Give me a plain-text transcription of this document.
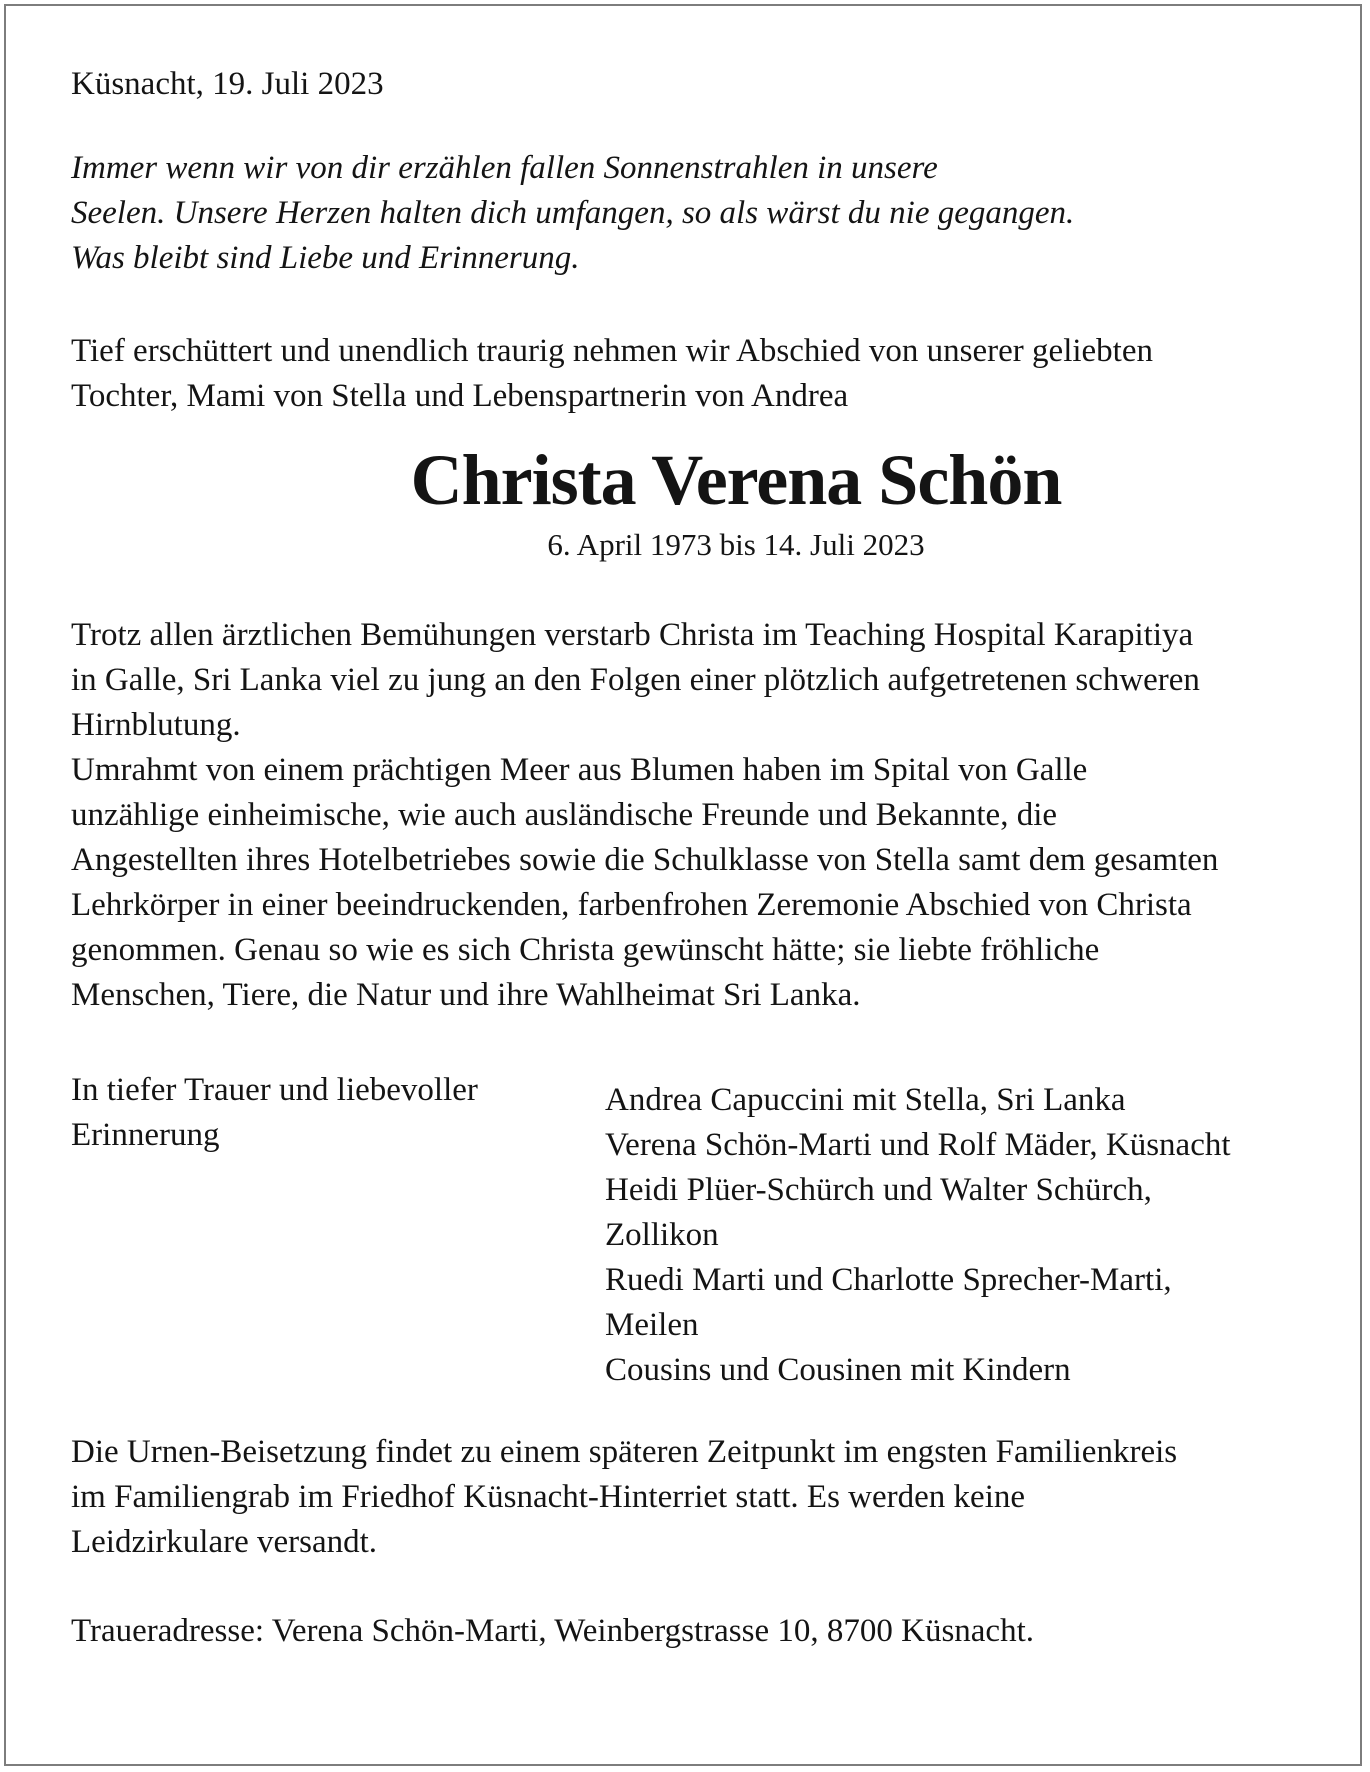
Küsnacht, 19. Juli 2023
Immer wenn wir von dir erzählen fallen Sonnenstrahlen in unsere
Seelen. Unsere Herzen halten dich umfangen, so als wärst du nie gegangen.
Was bleibt sind Liebe und Erinnerung.
Tief erschüttert und unendlich traurig nehmen wir Abschied von unserer geliebten
Tochter, Mami von Stella und Lebenspartnerin von Andrea
Christa Verena Schön
6. April 1973 bis 14. Juli 2023
Trotz allen ärztlichen Bemühungen verstarb Christa im Teaching Hospital Karapitiya
in Galle, Sri Lanka viel zu jung an den Folgen einer plötzlich aufgetretenen schweren
Hirnblutung.
Umrahmt von einem prächtigen Meer aus Blumen haben im Spital von Galle
unzählige einheimische, wie auch ausländische Freunde und Bekannte, die
Angestellten ihres Hotelbetriebes sowie die Schulklasse von Stella samt dem gesamten
Lehrkörper in einer beeindruckenden, farbenfrohen Zeremonie Abschied von Christa
genommen. Genau so wie es sich Christa gewünscht hätte; sie liebte fröhliche
Menschen, Tiere, die Natur und ihre Wahlheimat Sri Lanka.
In tiefer Trauer und liebevoller
Erinnerung
Andrea Capuccini mit Stella, Sri Lanka
Verena Schön-Marti und Rolf Mäder, Küsnacht
Heidi Plüer-Schürch und Walter Schürch,
Zollikon
Ruedi Marti und Charlotte Sprecher-Marti,
Meilen
Cousins und Cousinen mit Kindern
Die Urnen-Beisetzung findet zu einem späteren Zeitpunkt im engsten Familienkreis
im Familiengrab im Friedhof Küsnacht-Hinterriet statt. Es werden keine
Leidzirkulare versandt.
Traueradresse: Verena Schön-Marti, Weinbergstrasse 10, 8700 Küsnacht.
